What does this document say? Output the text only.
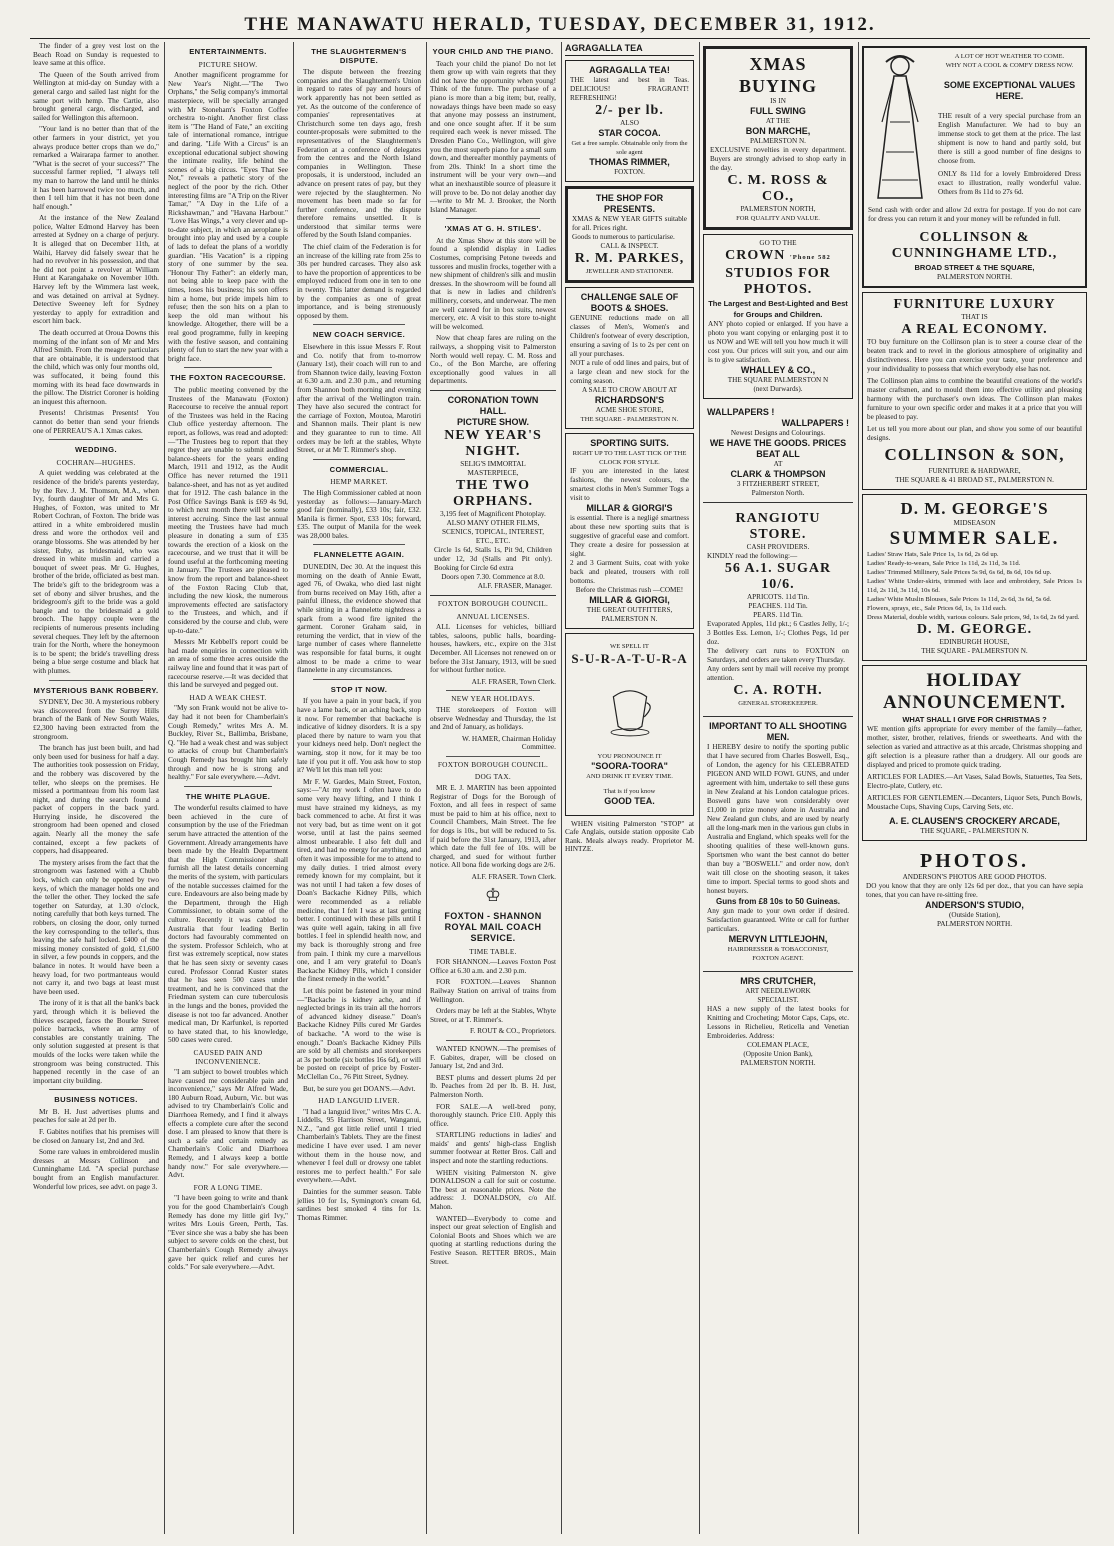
THE MANAWATU HERALD, TUESDAY, DECEMBER 31, 1912.

The finder of a grey vest lost on the Beach Road on Sunday is requested to leave same at this office.

The Queen of the South arrived from Wellington at mid-day on Sunday with a general cargo and sailed last night for the same port with hemp. The Cartie, also brought general cargo, discharged, and sailed for Wellington this afternoon.

"Your land is no better than that of the other farmers in your district, yet you always produce better crops than we do," remarked a Wairarapa farmer to another. "What is the secret of your success?" The successful farmer replied, "I always tell my man to harrow the land until he thinks it has been harrowed twice too much, and then I tell him that it has not been done half enough."

At the instance of the New Zealand police, Walter Edmond Harvey has been arrested at Sydney on a charge of perjury. It is alleged that on December 11th, at Waihi, Harvey did falsely swear that he had no revolver in his possession, and that he did not point a revolver at William Hunt at Karangahake on November 10th. Harvey left by the Wimmera last week, and was detained on arrival at Sydney. Detective Sweeney left for Sydney yesterday to apply for extradition and escort him back.

The death occurred at Oroua Downs this morning of the infant son of Mr and Mrs Alfred Smith. From the meagre particulars that are obtainable, it is understood that the child, which was only four months old, was suffocated, it being found this morning with its head face downwards in the pillow. The District Coroner is holding an inquest this afternoon.

Presents! Christmas Presents! You cannot do better than send your friends one of PERREAU'S A.1 Xmas cakes.

WEDDING.
COCHRAN—HUGHES.

A quiet wedding was celebrated at the residence of the bride's parents yesterday, by the Rev. J. M. Thomson, M.A., when Ivy, fourth daughter of Mr and Mrs G. Hughes, of Foxton, was united to Mr Robert Cochran, of Foxton. The bride was attired in a white embroidered muslin dress and wore the orthodox veil and orange blossoms. She was attended by her sister, Ruby, as bridesmaid, who was dressed in white muslin and carried a bouquet of sweet peas. Mr G. Hughes, brother of the bride, officiated as best man. The bride's gift to the bridegroom was a set of ebony and silver brushes, and the bridegroom's gift to the bride was a gold bangle and to the bridesmaid a gold brooch. The happy couple were the recipients of numerous presents including several cheques. They left by the afternoon train for the North, where the honeymoon is to be spent; the bride's travelling dress being a blue serge costume and black hat with plumes.

MYSTERIOUS BANK ROBBERY.

SYDNEY, Dec 30. A mysterious robbery was discovered from the Surrey Hills branch of the Bank of New South Wales, £2,300 having been extracted from the strongroom.

The branch has just been built, and had only been used for business for half a day. The authorities took possession on Friday, and the robbery was discovered by the teller, who sleeps on the premises. He missed a portmanteau from his room last night, and during the search found a packet of coppers in the back yard. Hurrying inside, he discovered the strongroom had been opened and closed again. Nearly all the money the safe contained, except a few packets of coppers, had disappeared.

The mystery arises from the fact that the strongroom was fastened with a Chubb lock, which can only be opened by two keys, of which the manager holds one and the teller the other. They locked the safe together on Saturday, at 1.30 o'clock, noting carefully that both keys turned. The robbers, on closing the door, only turned the key corresponding to the teller's, thus leaving the safe half locked. £400 of the missing money consisted of gold, £1,600 in silver, a few pounds in coppers, and the balance in notes. It would have been a heavy load, for two portmanteaus would not carry it, and two bags at least must have been used.

The irony of it is that all the bank's back yard, through which it is believed the thieves escaped, faces the Bourke Street police barracks, where an army of constables are constantly training. The only solution suggested at present is that moulds of the locks were taken while the strongroom was being constructed. This happened recently in the case of an important city building.

BUSINESS NOTICES.

Mr B. H. Just advertises plums and peaches for sale at 2d per lb.

F. Gabites notifies that his premises will be closed on January 1st, 2nd and 3rd.

Some rare values in embroidered muslin dresses at Messrs Collinson and Cunninghame Ltd. "A special purchase bought from an English manufacturer. Wonderful low prices, see advt. on page 3.

ENTERTAINMENTS.
PICTURE SHOW.

Another magnificent programme for New Year's Night.—"The Two Orphans," the Selig company's immortal masterpiece, will be specially arranged with Mr Stoneham's Foxton Coffee orchestra to-night. Another first class item is "The Hand of Fate," an exciting tale of international romance, intrigue and daring. "Life With a Circus" is an exceptional educational subject showing the intimate reality, life behind the scenes of a big circus. "Eyes That See Not," reveals a pathetic story of the neglect of the poor by the rich. Other interesting films are "A Trip on the River Tamar," "A Day in the Life of a Rickshawman," and "Havana Harbour." "Love Has Wings," a very clever and up-to-date subject, in which an aeroplane is brought into play and used by a couple of lads to defeat the plans of a worldly guardian. "His Vacation" is a ripping story of one summer by the sea. "Honour Thy Father": an elderly man, not being able to keep pace with the times, loses his business; his son offers him a home, but pride impels him to refuse; then the son hits on a plan to keep the old man without his knowledge. Altogether, there will be a real good programme, fully in keeping with the festive season, and containing plenty of fun to start the new year with a bright face.

THE FOXTON RACECOURSE.

The public meeting convened by the Trustees of the Manawatu (Foxton) Racecourse to receive the annual report of the Trustees was held in the Racing Club office yesterday afternoon. The report, as follows, was read and adopted:—"The Trustees beg to report that they regret they are unable to submit audited balance-sheets for the years ending March, 1911 and 1912, as the Audit Office has never returned the 1911 balance-sheet, and has not as yet audited that for 1912. The cash balance in the Post Office Savings Bank is £69 4s 9d, to which next month there will be some interest accruing. Since the last annual meeting the Trustees have had much pleasure in donating a sum of £35 towards the erection of a kiosk on the racecourse, and we trust that it will be found useful at the forthcoming meeting in January. The Trustees are pleased to know from the report and balance-sheet of the Foxton Racing Club that, including the new kiosk, the numerous improvements effected are satisfactory to the Trustees, and which, and if considered by the course and club, were up-to-date."

Messrs Mr Kebbell's report could be had made enquiries in connection with an area of some three acres outside the railway line and found that it was part of racecourse reserve.—It was decided that this land be surveyed and pegged out.

HAD A WEAK CHEST.

"My son Frank would not be alive to-day had it not been for Chamberlain's Cough Remedy," writes Mrs A. M. Buckley, River St., Ballimba, Brisbane, Q. "He had a weak chest and was subject to attacks of croup but Chamberlain's Cough Remedy has brought him safely through and now he is strong and healthy." For sale everywhere.—Advt.

THE WHITE PLAGUE.

The wonderful results claimed to have been achieved in the cure of consumption by the use of the Friedman serum have attracted the attention of the Government. Already arrangements have been made by the Health Department that the High Commissioner shall furnish all the latest details concerning the merits of the system, with particulars of the notable successes claimed for the cure. Endeavours are also being made by the Department, through the High Commissioner, to obtain some of the culture. Recently it was cabled to Australia that four leading Berlin doctors had favourably commented on the system. Professor Schleich, who at first was extremely sceptical, now states that he has seen sixty or seventy cases cured. Professor Conrad Kuster states that he has seen 500 cases under treatment, and he is convinced that the Friedman system can cure tuberculosis in the lungs and the bones, provided the disease is not too far advanced. Another medical man, Dr Karfunkel, is reported to have stated that, to his knowledge, 500 cases were cured.

CAUSED PAIN AND INCONVENIENCE.

"I am subject to bowel troubles which have caused me considerable pain and inconvenience," says Mr Alfred Wade, 180 Auburn Road, Auburn, Vic. but was advised to try Chamberlain's Colic and Diarrhoea Remedy, and I find it always effects a complete cure after the second dose. I am pleased to know that there is such a safe and certain remedy as Chamberlain's Colic and Diarrhoea Remedy, and I always keep a bottle handy now." For sale everywhere.—Advt.

FOR A LONG TIME.

"I have been going to write and thank you for the good Chamberlain's Cough Remedy has done my little girl Ivy," writes Mrs Louis Green, Perth, Tas. "Ever since she was a baby she has been subject to severe colds on the chest, but Chamberlain's Cough Remedy always gave her quick relief and cures her colds." For sale everywhere.—Advt.

THE SLAUGHTERMEN'S DISPUTE.

The dispute between the freezing companies and the Slaughtermen's Union in regard to rates of pay and hours of work apparently has not been settled as yet. As the outcome of the conference of companies' representatives at Christchurch some ten days ago, fresh counter-proposals were submitted to the representatives of the Slaughtermen's Federation at a conference of delegates from the centres and the North Island companies in Wellington. These proposals, it is understood, included an advance on present rates of pay, but they were rejected by the slaughtermen. No movement has been made so far for further conference, and the dispute therefore remains unsettled. It is understood that similar terms were offered by the South Island companies.

The chief claim of the Federation is for an increase of the killing rate from 25s to 30s per hundred carcases. They also ask to have the proportion of apprentices to be employed reduced from one in ten to one in twenty. This latter demand is regarded by the companies as one of great importance, and is being strenuously opposed by them.

NEW COACH SERVICE.

Elsewhere in this issue Messrs F. Rout and Co. notify that from to-morrow (January 1st), their coach will run to and from Shannon twice daily, leaving Foxton at 6.30 a.m. and 2.30 p.m., and returning from Shannon both morning and evening after the arrival of the Wellington train. They have also secured the contract for the carriage of Foxton, Moutoa, Marotiri and Shannon mails. Their plant is new and they guarantee to run to time. All orders may be left at the stables, Whyte Street, or at Mr T. Rimmer's shop.

COMMERCIAL.
HEMP MARKET.

The High Commissioner cabled at noon yesterday as follows:—January-March good fair (nominally), £33 10s; fair, £32. Manila is firmer. Spot, £33 10s; forward, £35. The output of Manila for the week was 28,000 bales.

FLANNELETTE AGAIN.

DUNEDIN, Dec 30. At the inquest this morning on the death of Annie Ewatt, aged 76, of Owaka, who died last night from burns received on May 16th, after a painful illness, the evidence showed that while sitting in a flannelette nightdress a spark from a wood fire ignited the garment. Coroner Graham said, in returning the verdict, that in view of the large number of cases where flannelette was responsible for fatal burns, it ought almost to be made a crime to wear flannelette in any circumstances.

STOP IT NOW.

If you have a pain in your back, if you have a lame back, or an aching back, stop it now. For remember that backache is indicative of kidney disorders. It is a spy placed there by nature to warn you that your kidneys need help. Don't neglect the warning, stop it now, for it may be too late if you put it off. You ask how to stop it? We'll let this man tell you:

Mr F. W. Gardes, Main Street, Foxton, says:—"At my work I often have to do some very heavy lifting, and I think I must have strained my kidneys, as my back commenced to ache. At first it was not very bad, but as time went on it got worse, until at last the pains seemed almost unbearable. I also felt dull and tired, and had no energy for anything, and often it was impossible for me to attend to my daily duties. I tried almost every remedy known for my complaint, but it was not until I had taken a few doses of Doan's Backache Kidney Pills, which were recommended as a reliable medicine, that I felt I was at last getting better. I continued with these pills until I was quite well again, taking in all five bottles. I feel in splendid health now, and my back is thoroughly strong and free from pain. I think my cure a marvellous one, and I am very grateful to Doan's Backache Kidney Pills, which I consider the finest remedy in the world."

Let this point be fastened in your mind—"Backache is kidney ache, and if neglected brings in its train all the horrors of advanced kidney disease." Doan's Backache Kidney Pills cured Mr Gardes of backache. "A word to the wise is enough." Doan's Backache Kidney Pills are sold by all chemists and storekeepers at 3s per bottle (six bottles 16s 6d), or will be posted on receipt of price by Foster-McClellan Co., 76 Pitt Street, Sydney.

But, be sure you get DOAN'S.—Advt.

HAD LANGUID LIVER.

"I had a languid liver," writes Mrs C. A. Liddells, 95 Harrison Street, Wanganui, N.Z., "and got little relief until I tried Chamberlain's Tablets. They are the finest medicine I have ever used. I am never without them in the house now, and whenever I feel dull or drowsy one tablet restores me to perfect health." For sale everywhere.—Advt.

Dainties for the summer season. Table jellies 10 for 1s, Symington's cream 6d, sardines best smoked 4 tins for 1s. Thomas Rimmer.

YOUR CHILD AND THE PIANO.

Teach your child the piano! Do not let them grow up with vain regrets that they did not have the opportunity when young! Think of the future. The purchase of a piano is more than a big item; but, really, nowadays things have been made so easy that anyone may possess an instrument, and one once sought after. If it be sum required each week is never missed. The Dresden Piano Co., Wellington, will give you the most superb piano for a small sum down, and thereafter monthly payments of from 20s. Think! In a short time the instrument will be your very own—and what an inexhaustible source of pleasure it will prove to be. Do not delay another day—write to Mr M. J. Brooker, the North Island Manager.

'XMAS AT G. H. STILES'.

At the Xmas Show at this store will be found a splendid display in Ladies Costumes, comprising Petone tweeds and tussores and muslin frocks, together with a new shipment of children's silk and muslin dresses. In the showroom will be found all that is new in ladies and children's millinery, corsets, and underwear. The men are well catered for in box suits, newest mercery, etc. A visit to this store to-night will be welcomed.

Now that cheap fares are ruling on the railways, a shopping visit to Palmerston North would well repay. C. M. Ross and Co., of the Bon Marche, are offering exceptionally good values in all departments.

CORONATION TOWN HALL.
PICTURE SHOW.
NEW YEAR'S NIGHT.
SELIG'S IMMORTAL MASTERPIECE,
THE TWO ORPHANS.
3,195 feet of Magnificent Photoplay.
ALSO MANY OTHER FILMS, SCENICS, TOPICAL, INTEREST, ETC., ETC.
Circle 1s 6d, Stalls 1s, Pit 9d, Children under 12, 3d (Stalls and Pit only). Booking for Circle 6d extra
Doors open 7.30. Commence at 8.0.
ALF. FRASER, Manager.
FOXTON BOROUGH COUNCIL.
ANNUAL LICENSES.

ALL Licenses for vehicles, billiard tables, saloons, public halls, boarding-houses, hawkers, etc., expire on the 31st December. All Licenses not renewed on or before the 31st January, 1913, will be sued for without further notice.

ALF. FRASER, Town Clerk.

NEW YEAR HOLIDAYS.

THE storekeepers of Foxton will observe Wednesday and Thursday, the 1st and 2nd of January, as holidays.

W. HAMER, Chairman Holiday Committee.

FOXTON BOROUGH COUNCIL.
DOG TAX.

MR E. J. MARTIN has been appointed Registrar of Dogs for the Borough of Foxton, and all fees in respect of same must be paid to him at his office, next to Council Chambers, Main Street. The fee for dogs is 10s., but will be reduced to 5s. if paid before the 31st January, 1913, after which date the full fee of 10s. will be charged, and sued for without further notice. All bona fide working dogs are 2/6.

ALF. FRASER. Town Clerk.

♔
FOXTON - SHANNON ROYAL MAIL COACH SERVICE.
TIME TABLE.

FOR SHANNON.—Leaves Foxton Post Office at 6.30 a.m. and 2.30 p.m.

FOR FOXTON.—Leaves Shannon Railway Station on arrival of trains from Wellington.

Orders may be left at the Stables, Whyte Street, or at T. Rimmer's.

F. ROUT & CO., Proprietors.

WANTED KNOWN.—The premises of F. Gabites, draper, will be closed on January 1st, 2nd and 3rd.

BEST plums and dessert plums 2d per lb. Peaches from 2d per lb. B. H. Just, Palmerston North.

FOR SALE.—A well-bred pony, thoroughly staunch. Price £10. Apply this office.

STARTLING reductions in ladies' and maids' and gents' high-class English summer footwear at Retter Bros. Call and inspect and note the startling reductions.

WHEN visiting Palmerston N. give DONALDSON a call for suit or costume. The best at reasonable prices. Note the address: J. DONALDSON, c/o Alf. Mahon.

WANTED—Everybody to come and inspect our great selection of English and Colonial Boots and Shoes which we are quoting at startling reductions during the Festive Season. RETTER BROS., Main Street.

AGRAGALLA TEA
AGRAGALLA TEA!
THE latest and best in Teas. DELICIOUS! FRAGRANT! REFRESHING!
2/- per lb.
ALSO
STAR COCOA.
Get a free sample. Obtainable only from the sole agent
THOMAS RIMMER,
FOXTON.
THE SHOP FOR PRESENTS.
XMAS & NEW YEAR GIFTS suitable for all. Prices right.
Goods to numerous to particularise.
CALL & INSPECT.
R. M. PARKES,
JEWELLER AND STATIONER.
CHALLENGE SALE OF BOOTS & SHOES.
GENUINE reductions made on all classes of Men's, Women's and Children's footwear of every description, ensuring a saving of 1s to 2s per cent on all your purchases.
NOT a rule of odd lines and pairs, but of a large clean and new stock for the coming season.
A SALE TO CROW ABOUT AT
RICHARDSON'S
ACME SHOE STORE,
THE SQUARE - PALMERSTON N.
SPORTING SUITS.
RIGHT UP TO THE LAST TICK OF THE CLOCK FOR STYLE.
IF you are interested in the latest fashions, the newest colours, the smartest cloths in Men's Summer Togs a visit to
MILLAR & GIORGI'S
is essential. There is a negligé smartness about these new sporting suits that is suggestive of graceful ease and comfort. They create a desire for possession at sight.
2 and 3 Garment Suits, coat with yoke back and pleated, trousers with roll bottoms.
Before the Christmas rush —COME!
MILLAR & GIORGI,
THE GREAT OUTFITTERS,
PALMERSTON N.
WE SPELL IT
S-U-R-A-T-U-R-A
YOU PRONOUNCE IT
"SOORA-TOORA"
AND DRINK IT EVERY TIME.
That is if you know
GOOD TEA.

WHEN visiting Palmerston "STOP" at Cafe Anglais, outside station opposite Cab Rank. Meals always ready. Proprietor M. HINTZE.

XMAS BUYING
IS IN
FULL SWING
AT THE
BON MARCHE,
PALMERSTON N.
EXCLUSIVE novelties in every department. Buyers are strongly advised to shop early in the day.
C. M. ROSS & CO.,
PALMERSTON NORTH,
FOR QUALITY AND VALUE.
GO TO THE
CROWN 'Phone 582
STUDIOS FOR PHOTOS.
The Largest and Best-Lighted and Best for Groups and Children.
ANY photo copied or enlarged. If you have a photo you want copying or enlarging post it to us NOW and WE will tell you how much it will cost you. Our prices will suit you, and our aim is to give satisfaction.
WHALLEY & CO.,
THE SQUARE PALMERSTON N
(next Durwards).
WALLPAPERS !
WALLPAPERS !
Newest Designs and Colourings.
WE HAVE THE GOODS. PRICES BEAT ALL
AT
CLARK & THOMPSON
3 FITZHERBERT STREET,
Palmerston North.
RANGIOTU STORE.
CASH PROVIDERS.
KINDLY read the following:—
56 A.1. SUGAR 10/6.
APRICOTS. 11d Tin.
PEACHES. 11d Tin.
PEARS. 11d Tin.
Evaporated Apples, 11d pkt.; 6 Castles Jelly, 1/-; 3 Bottles Ess. Lemon, 1/-; Clothes Pegs, 1d per doz.
The delivery cart runs to FOXTON on Saturdays, and orders are taken every Thursday.
Any orders sent by mail will receive my prompt attention.
C. A. ROTH.
GENERAL STOREKEEPER.
IMPORTANT TO ALL SHOOTING MEN.
I HEREBY desire to notify the sporting public that I have secured from Charles Boswell, Esq., of London, the agency for his CELEBRATED PIGEON AND WILD FOWL GUNS, and under agreement with him, undertake to sell these guns in New Zealand at his London catalogue prices. Boswell guns have won considerably over £1,000 in prize money alone in Australia and New Zealand gun clubs, and are used by nearly all the long-mark men in the various gun clubs in Australia and England, which speaks well for the shooting qualities of these well-known guns. Sportsmen who want the best cannot do better than buy a "BOSWELL" and order now, don't wait till close on the shooting season, it takes time to import. Special terms to good shots and honest buyers.
Guns from £8 10s to 50 Guineas.
Any gun made to your own order if desired. Satisfaction guaranteed. Write or call for further particulars.
MERVYN LITTLEJOHN,
HAIRDRESSER & TOBACCONIST,
FOXTON AGENT.
MRS CRUTCHER,
ART NEEDLEWORK
SPECIALIST.
HAS a new supply of the latest books for Knitting and Crocheting; Motor Caps, Caps, etc. Lessons in Richelieu, Reticella and Venetian Embroideries. Address:
COLEMAN PLACE,
(Opposite Union Bank),
PALMERSTON NORTH.
A LOT OF HOT WEATHER TO COME.
WHY NOT A COOL & COMFY DRESS NOW.
SOME EXCEPTIONAL VALUES HERE.
THE result of a very special purchase from an English Manufacturer. We had to buy an immense stock to get them at the price. The last shipment is now to hand and partly sold, but there is still a good number of fine designs to choose from.
ONLY 8s 11d for a lovely Embroidered Dress exact to illustration, really wonderful value. Others from 8s 11d to 27s 6d.
Send cash with order and allow 2d extra for postage. If you do not care for dress you can return it and your money will be refunded in full.
COLLINSON & CUNNINGHAME LTD.,
BROAD STREET & THE SQUARE,
PALMERSTON NORTH.
FURNITURE LUXURY
THAT IS
A REAL ECONOMY.
TO buy furniture on the Collinson plan is to steer a course clear of the beaten track and to revel in the glorious atmosphere of originality and distinctiveness. Here you can exercise your taste, your preference and your individuality to possess that which everybody else has not.
The Collinson plan aims to combine the beautiful creations of the world's master craftsmen, and to mould them into effective utility and pleasing harmony with the purchaser's own ideas. The Collinson plan makes furniture to your own specific order and makes it at a price that you will be pleased to pay.
Let us tell you more about our plan, and show you some of our beautiful designs.
COLLINSON & SON,
FURNITURE & HARDWARE,
THE SQUARE & 41 BROAD ST., PALMERSTON N.
D. M. GEORGE'S
MIDSEASON
SUMMER SALE.
Ladies' Straw Hats, Sale Price 1s, 1s 6d, 2s 6d up.
Ladies' Ready-to-wears, Sale Price 1s 11d, 2s 11d, 3s 11d.
Ladies' Trimmed Millinery, Sale Prices 5s 9d, 6s 6d, 8s 6d, 10s 6d up.
Ladies' White Under-skirts, trimmed with lace and embroidery, Sale Prices 1s 11d, 2s 11d, 3s 11d, 10s 6d.
Ladies' White Muslin Blouses, Sale Prices 1s 11d, 2s 6d, 3s 6d, 5s 6d.
Flowers, sprays, etc., Sale Prices 6d, 1s, 1s 11d each.
Dress Material, double width, various colours. Sale prices, 9d, 1s 6d, 2s 6d yard.
D. M. GEORGE.
EDINBURGH HOUSE,
THE SQUARE - PALMERSTON N.
HOLIDAY
ANNOUNCEMENT.
WHAT SHALL I GIVE FOR CHRISTMAS ?
WE mention gifts appropriate for every member of the family—father, mother, sister, brother, relatives, friends or sweethearts. And with the selection as varied and attractive as at this arcade, Christmas shopping and gift selection is a pleasure rather than a drudgery. All our goods are displayed and priced to promote quick trading.
ARTICLES FOR LADIES.—Art Vases, Salad Bowls, Statuettes, Tea Sets, Electro-plate, Cutlery, etc.
ARTICLES FOR GENTLEMEN.—Decanters, Liquor Sets, Punch Bowls, Moustache Cups, Shaving Cups, Carving Sets, etc.
A. E. CLAUSEN'S CROCKERY ARCADE,
THE SQUARE, - PALMERSTON N.
PHOTOS.
ANDERSON'S PHOTOS ARE GOOD PHOTOS.
DO you know that they are only 12s 6d per doz., that you can have sepia tones, that you can have re-sitting free.
ANDERSON'S STUDIO,
(Outside Station),
PALMERSTON NORTH.
